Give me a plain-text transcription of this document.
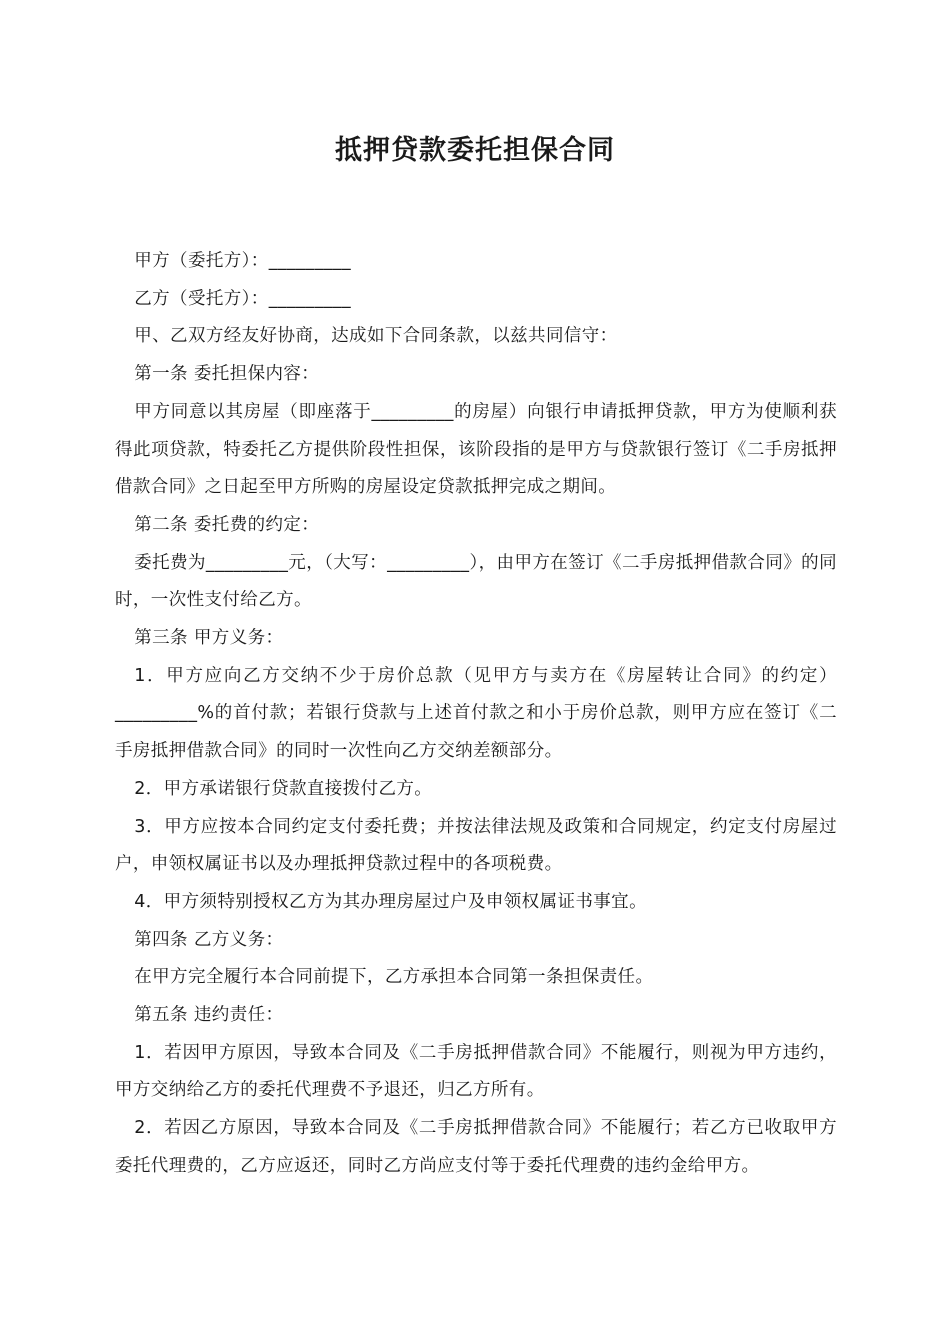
抵押贷款委托担保合同

甲方（委托方）：_________

乙方（受托方）：_________

甲、乙双方经友好协商，达成如下合同条款，以兹共同信守：

第一条 委托担保内容：

甲方同意以其房屋（即座落于_________的房屋）向银行申请抵押贷款，甲方为使顺利获得此项贷款，特委托乙方提供阶段性担保，该阶段指的是甲方与贷款银行签订《二手房抵押借款合同》之日起至甲方所购的房屋设定贷款抵押完成之期间。

第二条 委托费的约定：

委托费为_________元，（大写：_________），由甲方在签订《二手房抵押借款合同》的同时，一次性支付给乙方。

第三条 甲方义务：

1．甲方应向乙方交纳不少于房价总款（见甲方与卖方在《房屋转让合同》的约定）_________%的首付款；若银行贷款与上述首付款之和小于房价总款，则甲方应在签订《二手房抵押借款合同》的同时一次性向乙方交纳差额部分。

2．甲方承诺银行贷款直接拨付乙方。

3．甲方应按本合同约定支付委托费；并按法律法规及政策和合同规定，约定支付房屋过户，申领权属证书以及办理抵押贷款过程中的各项税费。

4．甲方须特别授权乙方为其办理房屋过户及申领权属证书事宜。

第四条 乙方义务：

在甲方完全履行本合同前提下，乙方承担本合同第一条担保责任。

第五条 违约责任：

1．若因甲方原因，导致本合同及《二手房抵押借款合同》不能履行，则视为甲方违约，甲方交纳给乙方的委托代理费不予退还，归乙方所有。

2．若因乙方原因，导致本合同及《二手房抵押借款合同》不能履行；若乙方已收取甲方委托代理费的，乙方应返还，同时乙方尚应支付等于委托代理费的违约金给甲方。
